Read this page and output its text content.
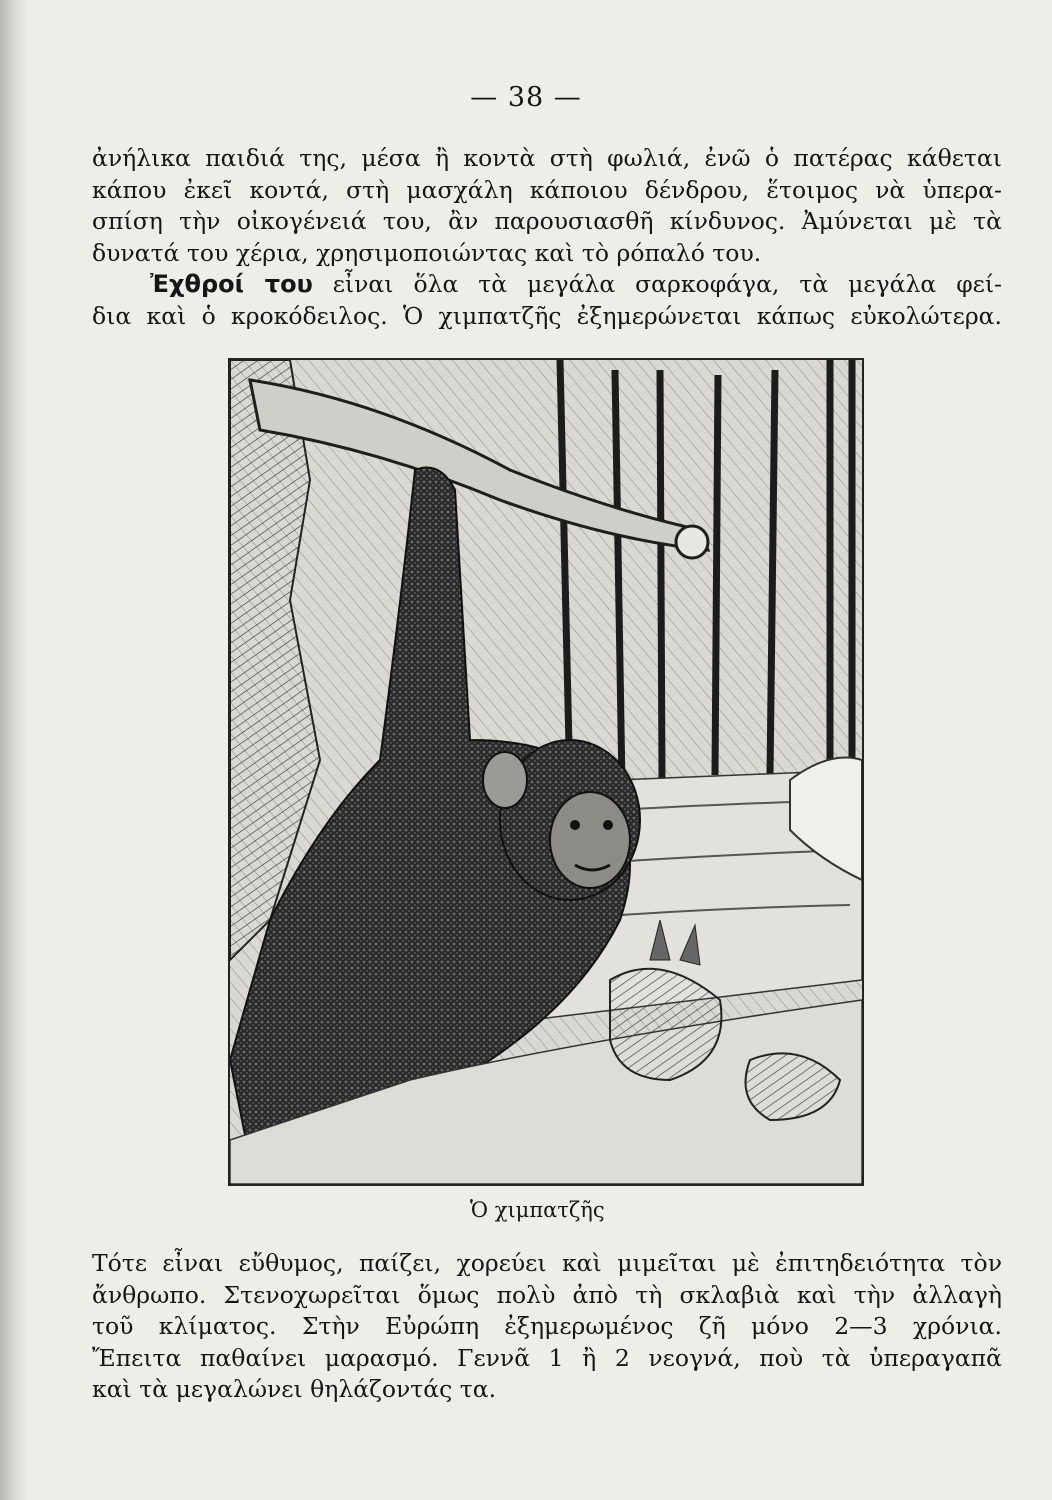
— 38 —
ἀνήλικα παιδιά της, μέσα ἢ κοντὰ στὴ φωλιά, ἐνῶ ὁ πατέρας κάθεται
κάπου ἐκεῖ κοντά, στὴ μασχάλη κάποιου δένδρου, ἕτοιμος νὰ ὑπερα-
σπίση τὴν οἰκογένειά του, ἂν παρουσιασθῆ κίνδυνος. Ἀμύνεται μὲ τὰ
δυνατά του χέρια, χρησιμοποιώντας καὶ τὸ ρόπαλό του.
Ἐχθροί του εἶναι ὅλα τὰ μεγάλα σαρκοφάγα, τὰ μεγάλα φεί-
δια καὶ ὁ κροκόδειλος. Ὁ χιμπατζῆς ἐξημερώνεται κάπως εὐκολώτερα.
Ὁ χιμπατζῆς
Τότε εἶναι εὔθυμος, παίζει, χορεύει καὶ μιμεῖται μὲ ἐπιτηδειότητα τὸν
ἄνθρωπο. Στενοχωρεῖται ὅμως πολὺ ἀπὸ τὴ σκλαβιὰ καὶ τὴν ἀλλαγὴ
τοῦ κλίματος. Στὴν Εὐρώπη ἐξημερωμένος ζῆ μόνο 2—3 χρόνια.
Ἔπειτα παθαίνει μαρασμό. Γεννᾶ 1 ἢ 2 νεογνά, ποὺ τὰ ὑπεραγαπᾶ
καὶ τὰ μεγαλώνει θηλάζοντάς τα.
